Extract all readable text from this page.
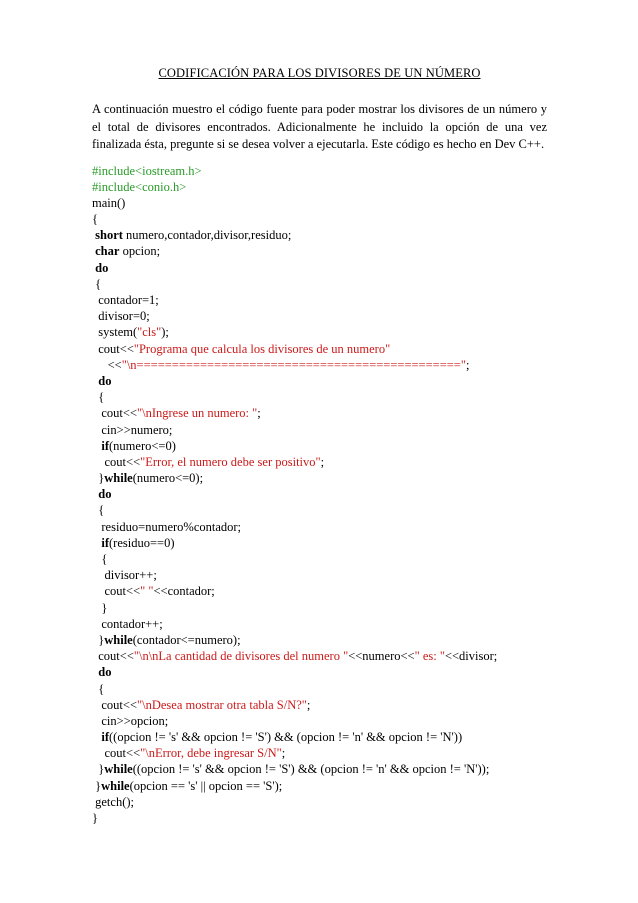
CODIFICACIÓN PARA LOS DIVISORES DE UN NÚMERO

A continuación muestro el código fuente para poder mostrar los divisores de un número y el total de divisores encontrados. Adicionalmente he incluido la opción de una vez finalizada ésta, pregunte si se desea volver a ejecutarla. Este código es hecho en Dev C++.

#include<iostream.h>
#include<conio.h>
main()
{
short numero,contador,divisor,residuo;
char opcion;
do
{
contador=1;
divisor=0;
system("cls");
cout<<"Programa que calcula los divisores de un numero"
<<"\n==============================================";
do
{
cout<<"\nIngrese un numero: ";
cin>>numero;
if(numero<=0)
cout<<"Error, el numero debe ser positivo";
}while(numero<=0);
do
{
residuo=numero%contador;
if(residuo==0)
{
divisor++;
cout<<" "<<contador;
}
contador++;
}while(contador<=numero);
cout<<"\n\nLa cantidad de divisores del numero "<<numero<<" es: "<<divisor;
do
{
cout<<"\nDesea mostrar otra tabla S/N?";
cin>>opcion;
if((opcion != 's' && opcion != 'S') && (opcion != 'n' && opcion != 'N'))
cout<<"\nError, debe ingresar S/N";
}while((opcion != 's' && opcion != 'S') && (opcion != 'n' && opcion != 'N'));
}while(opcion == 's' || opcion == 'S');
getch();
}
